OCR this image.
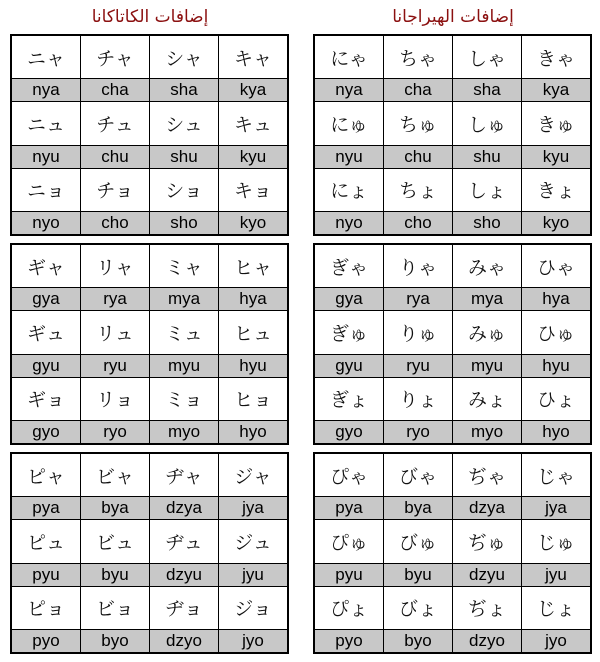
إضافات الكاتاكانا	إضافات الهيراجانا
ニャ
nya
チャ
cha
シャ
sha
キャ
kya
ニュ
nyu
チュ
chu
シュ
shu
キュ
kyu
ニョ
nyo
チョ
cho
ショ
sho
キョ
kyo
ギャ
gya
リャ
rya
ミャ
mya
ヒャ
hya
ギュ
gyu
リュ
ryu
ミュ
myu
ヒュ
hyu
ギョ
gyo
リョ
ryo
ミョ
myo
ヒョ
hyo
ピャ
pya
ビャ
bya
ヂャ
dzya
ジャ
jya
ピュ
pyu
ビュ
byu
ヂュ
dzyu
ジュ
jyu
ピョ
pyo
ビョ
byo
ヂョ
dzyo
ジョ
jyo
にゃ
nya
ちゃ
cha
しゃ
sha
きゃ
kya
にゅ
nyu
ちゅ
chu
しゅ
shu
きゅ
kyu
にょ
nyo
ちょ
cho
しょ
sho
きょ
kyo
ぎゃ
gya
りゃ
rya
みゃ
mya
ひゃ
hya
ぎゅ
gyu
りゅ
ryu
みゅ
myu
ひゅ
hyu
ぎょ
gyo
りょ
ryo
みょ
myo
ひょ
hyo
ぴゃ
pya
びゃ
bya
ぢゃ
dzya
じゃ
jya
ぴゅ
pyu
びゅ
byu
ぢゅ
dzyu
じゅ
jyu
ぴょ
pyo
びょ
byo
ぢょ
dzyo
じょ
jyo
